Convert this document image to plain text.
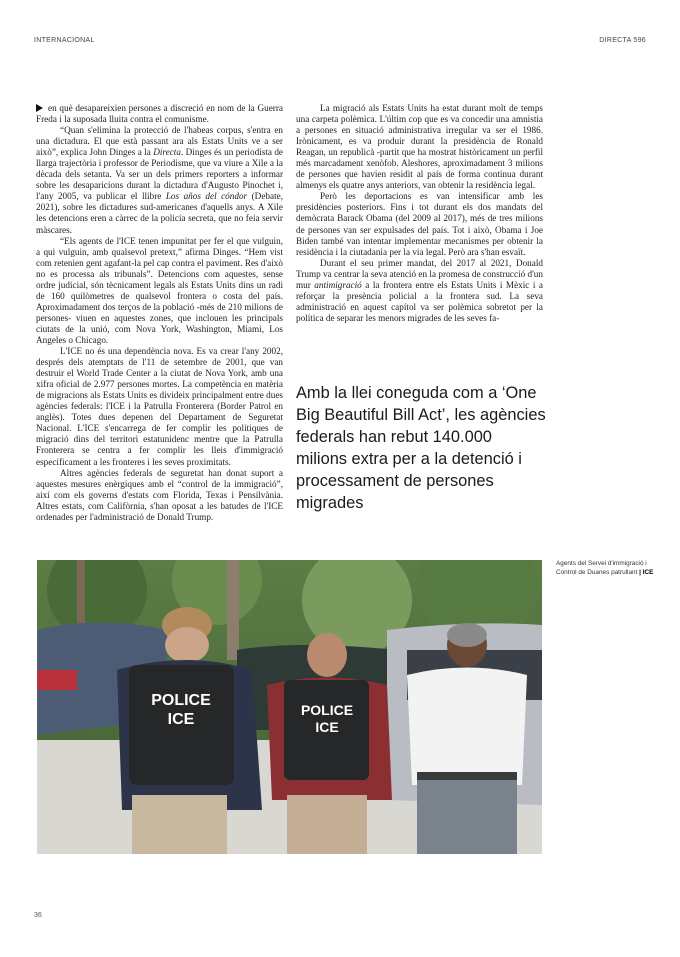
INTERNACIONAL	DIRECTA 596

en què desapareixien persones a discreció en nom de la Guerra Freda i la suposada lluita contra el comunisme.

“Quan s'elimina la protecció de l'habeas corpus, s'entra en una dictadura. El que està passant ara als Estats Units ve a ser això”, explica John Dinges a la Directa. Dinges és un periodista de llarga trajectòria i professor de Periodisme, que va viure a Xile a la dècada dels setanta. Va ser un dels primers reporters a informar sobre les desaparicions durant la dictadura d'Augusto Pinochet i, l'any 2005, va publicar el llibre Los años del cóndor (Debate, 2021), sobre les dictadures sud-americanes d'aquells anys. A Xile les detencions eren a càrrec de la policia secreta, que no feia servir màscares.

“Els agents de l'ICE tenen impunitat per fer el que vulguin, a qui vulguin, amb qualsevol pretext,” afirma Dinges. “Hem vist com retenien gent agafant-la pel cap contra el paviment. Res d'això no es processa als tribunals”. Detencions com aquestes, sense ordre judicial, són tècnicament legals als Estats Units dins un radi de 160 quilòmetres de qualsevol frontera o costa del país. Aproximadament dos terços de la població -més de 210 milions de persones- viuen en aquestes zones, que inclouen les principals ciutats de la unió, com Nova York, Washington, Miami, Los Angeles o Chicago.

L'ICE no és una dependència nova. Es va crear l'any 2002, després dels atemptats de l'11 de setembre de 2001, que van destruir el World Trade Center a la ciutat de Nova York, amb una xifra oficial de 2.977 persones mortes. La competència en matèria de migracions als Estats Units es divideix principalment entre dues agències federals: l'ICE i la Patrulla Fronterera (Border Patrol en anglès). Totes dues depenen del Departament de Seguretat Nacional. L'ICE s'encarrega de fer complir les polítiques de migració dins del territori estatunidenc mentre que la Patrulla Fronterera se centra a fer complir les lleis d'immigració específicament a les fronteres i les seves proximitats.

Altres agències federals de seguretat han donat suport a aquestes mesures enèrgiques amb el “control de la immigració”, així com els governs d'estats com Florida, Texas i Pensilvània. Altres estats, com Califòrnia, s'han oposat a les batudes de l'ICE ordenades per l'administració de Donald Trump.

La migració als Estats Units ha estat durant molt de temps una carpeta polèmica. L'últim cop que es va concedir una amnistia a persones en situació administrativa irregular va ser el 1986. Irònicament, es va produir durant la presidència de Ronald Reagan, un republicà -partit que ha mostrat històricament un perfil més marcadament xenòfob. Aleshores, aproximadament 3 milions de persones que havien residit al país de forma contínua durant almenys els quatre anys anteriors, van obtenir la residència legal.

Però les deportacions es van intensificar amb les presidències posteriors. Fins i tot durant els dos mandats del demòcrata Barack Obama (del 2009 al 2017), més de tres milions de persones van ser expulsades del país. Tot i això, Obama i Joe Biden també van intentar implementar mecanismes per obtenir la residència i la ciutadania per la via legal. Però ara s'han esvaït.

Durant el seu primer mandat, del 2017 al 2021, Donald Trump va centrar la seva atenció en la promesa de construcció d'un mur antimigració a la frontera entre els Estats Units i Mèxic i a reforçar la presència policial a la frontera sud. La seva administració en aquest capítol va ser polèmica sobretot per la política de separar les menors migrades de les seves fa-

Amb la llei coneguda com a ‘One Big Beautiful Bill Act’, les agències federals han rebut 140.000 milions extra per a la detenció i processament de persones migrades
POLICE
ICE
POLICE
ICE
Agents del Servei d'immigració i Control de Duanes patrullant | ICE
36
